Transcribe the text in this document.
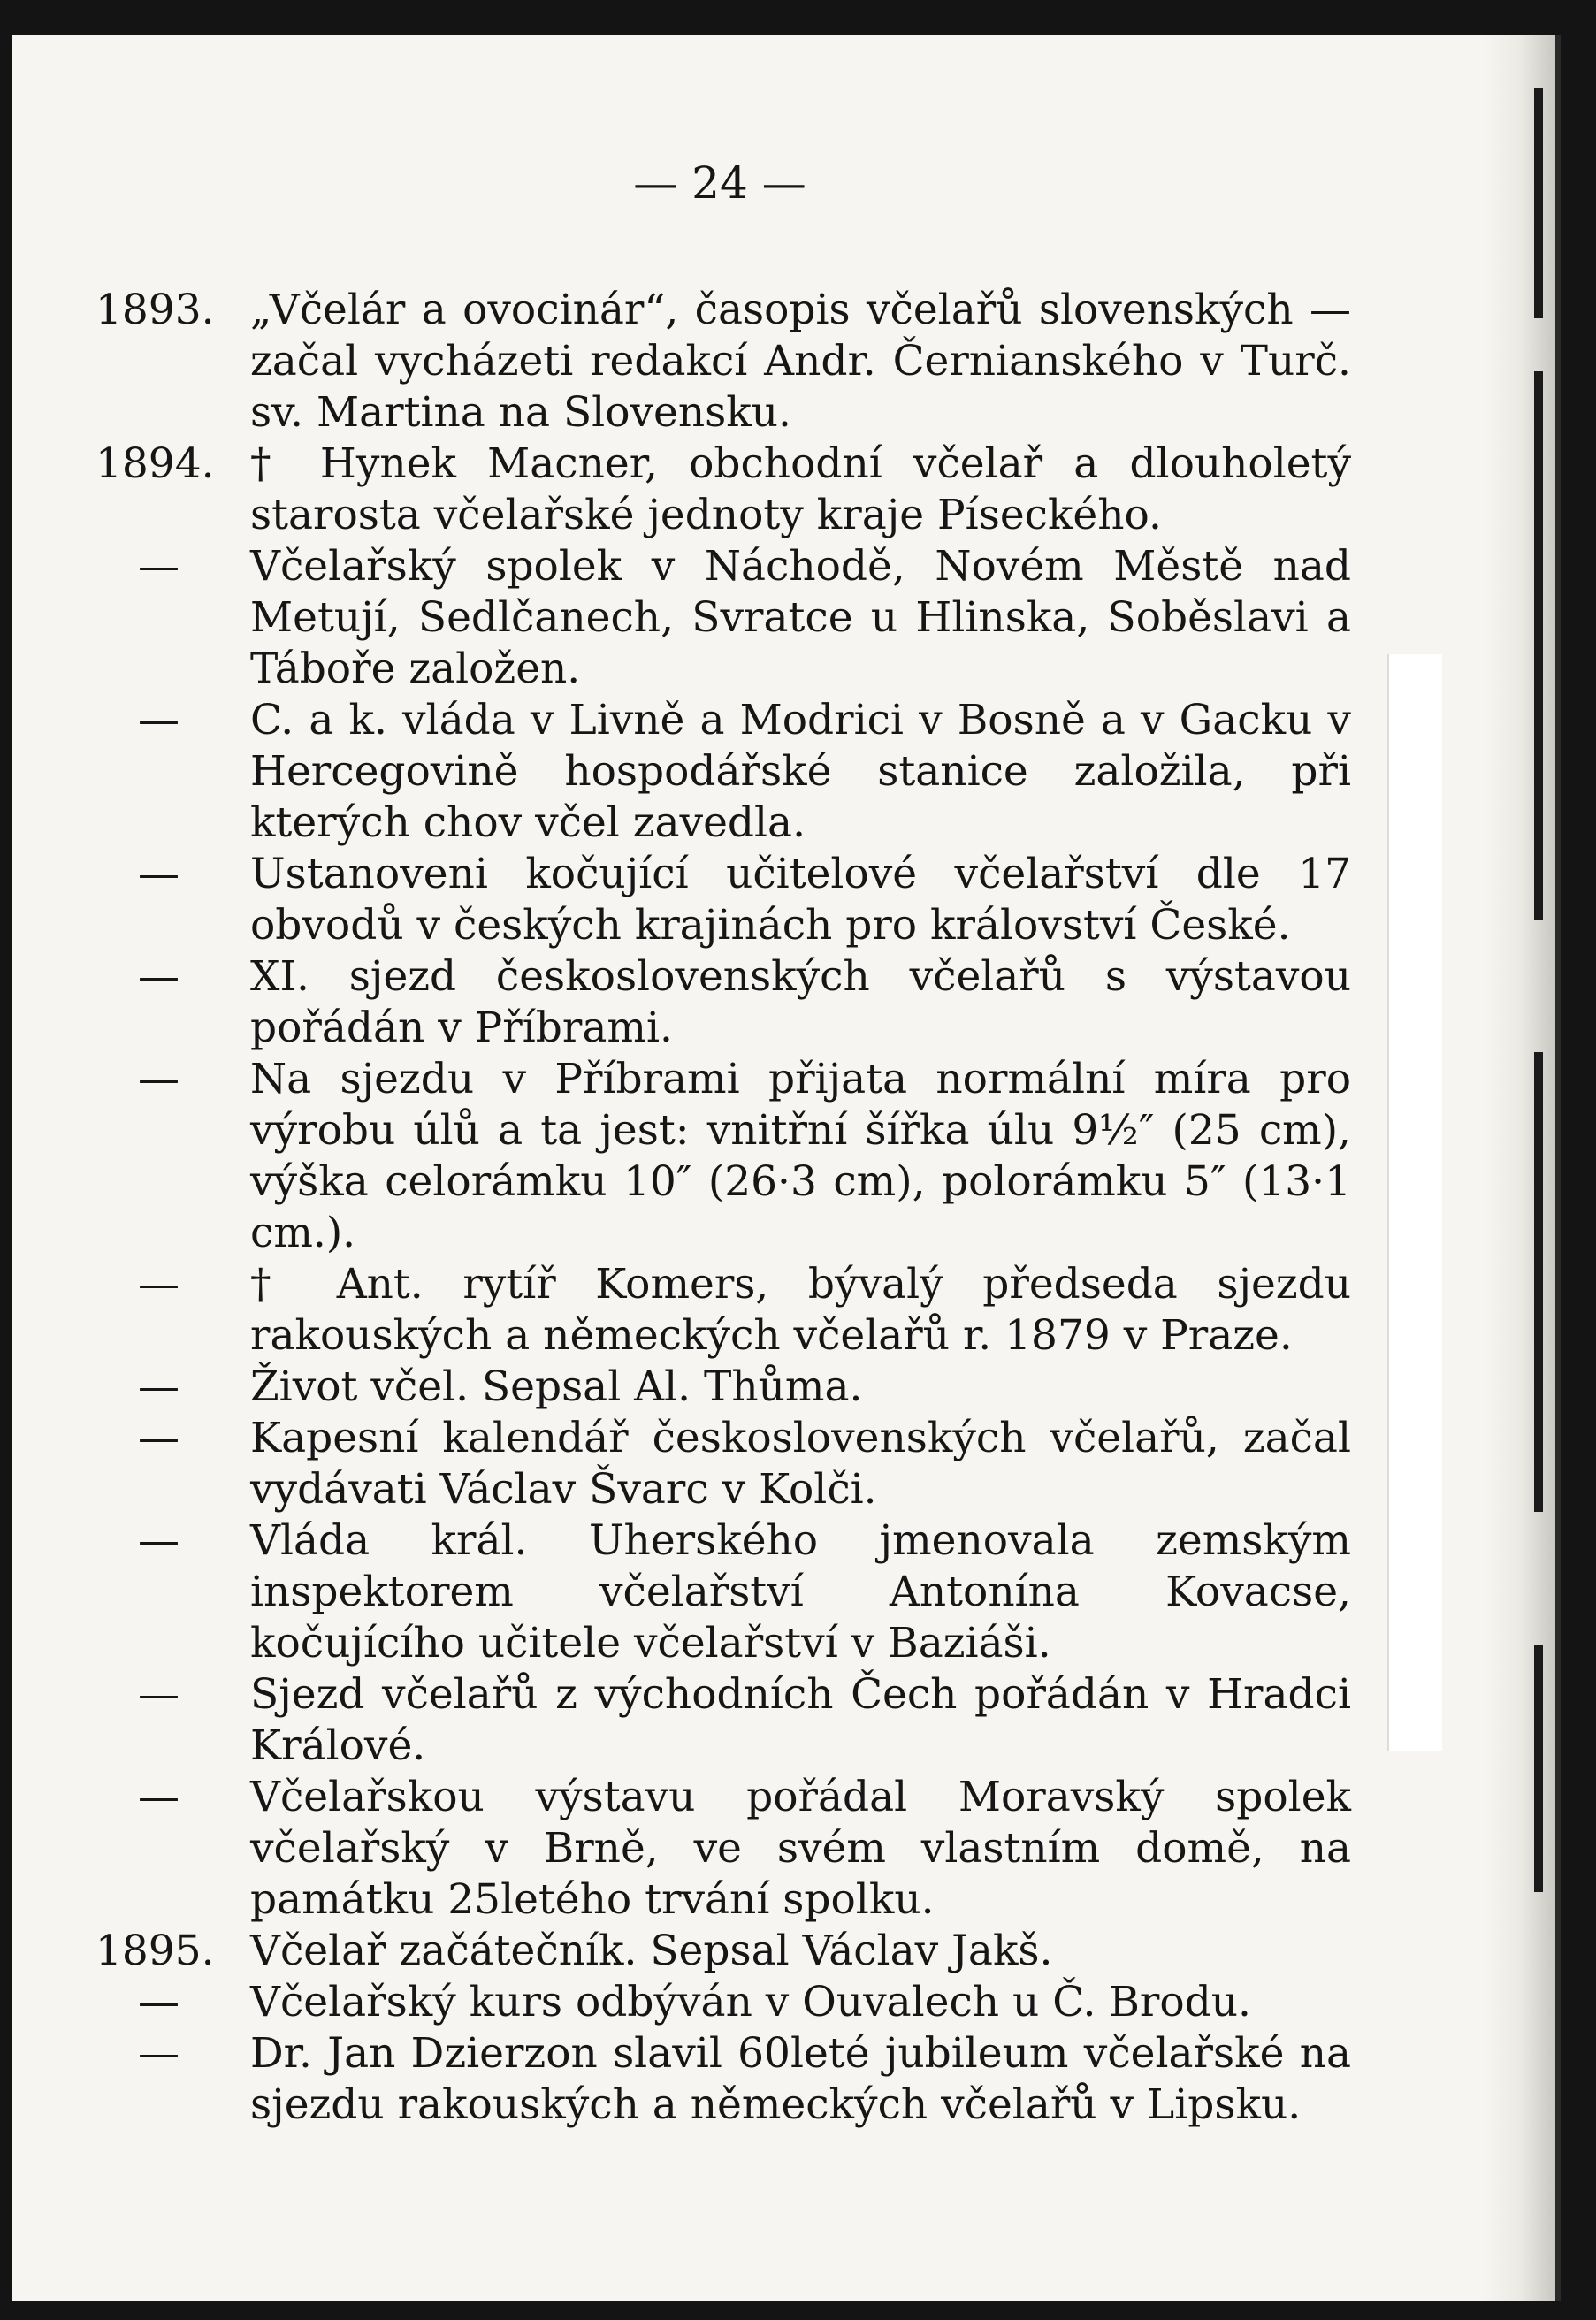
— 24 —
1893. „Včelár a ovocinár“, časopis včelařů slovenských — začal vycházeti redakcí Andr. Černianského v Turč. sv. Martina na Slovensku.
1894. † Hynek Macner, obchodní včelař a dlouholetý starosta včelařské jednoty kraje Píseckého.
—	Včelařský spolek v Náchodě, Novém Městě nad Metují, Sedlčanech, Svratce u Hlinska, Soběslavi a Táboře založen.
—	C. a k. vláda v Livně a Modrici v Bosně a v Gacku v Hercegovině hospodářské stanice založila, při kterých chov včel zavedla.
—	Ustanoveni kočující učitelové včelařství dle 17 obvodů v českých krajinách pro království České.
—	XI. sjezd československých včelařů s výstavou pořádán v Příbrami.
—	Na sjezdu v Příbrami přijata normální míra pro výrobu úlů a ta jest: vnitřní šířka úlu 9½″ (25 cm), výška celorámku 10″ (26·3 cm), polorámku 5″ (13·1 cm.).
—	† Ant. rytíř Komers, bývalý předseda sjezdu rakouských a německých včelařů r. 1879 v Praze.
—	Život včel. Sepsal Al. Thůma.
—	Kapesní kalendář československých včelařů, začal vydávati Václav Švarc v Kolči.
—	Vláda král. Uherského jmenovala zemským inspektorem včelařství Antonína Kovacse, kočujícího učitele včelařství v Baziáši.
—	Sjezd včelařů z východních Čech pořádán v Hradci Králové.
—	Včelařskou výstavu pořádal Moravský spolek včelařský v Brně, ve svém vlastním domě, na památku 25letého trvání spolku.
1895. Včelař začátečník. Sepsal Václav Jakš.
—	Včelařský kurs odbýván v Ouvalech u Č. Brodu.
—	Dr. Jan Dzierzon slavil 60leté jubileum včelařské na sjezdu rakouských a německých včelařů v Lipsku.
